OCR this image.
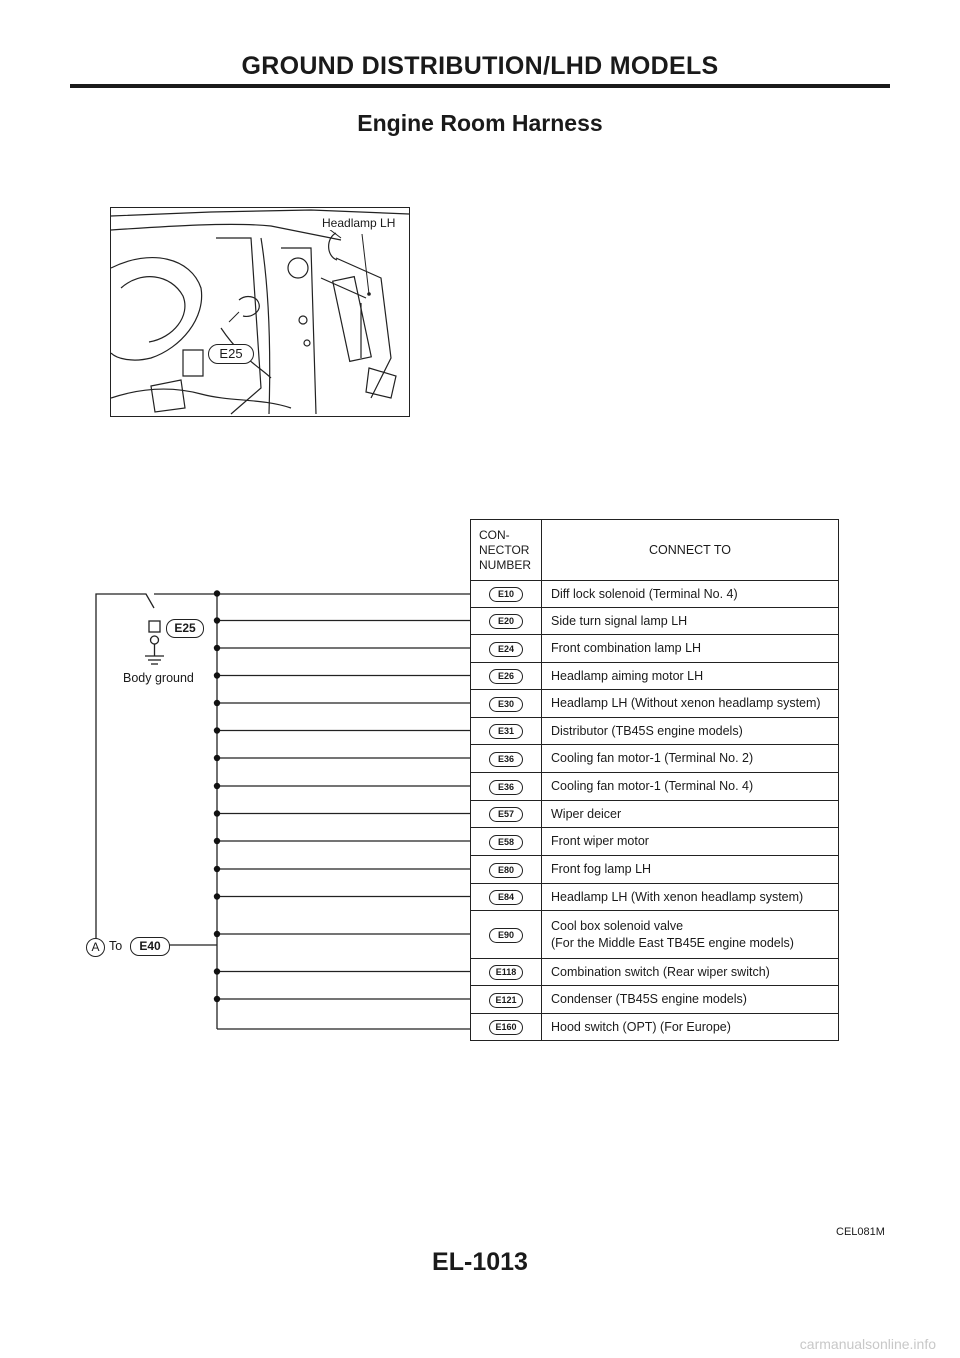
GROUND DISTRIBUTION/LHD MODELS
Engine Room Harness
Headlamp LH
E25
E25
Body ground
A To	E40
CON-
NECTOR
NUMBER	CONNECT TO
E10	Diff lock solenoid (Terminal No. 4)
E20	Side turn signal lamp LH
E24	Front combination lamp LH
E26	Headlamp aiming motor LH
E30	Headlamp LH (Without xenon headlamp system)
E31	Distributor (TB45S engine models)
E36	Cooling fan motor-1 (Terminal No. 2)
E36	Cooling fan motor-1 (Terminal No. 4)
E57	Wiper deicer
E58	Front wiper motor
E80	Front fog lamp LH
E84	Headlamp LH (With xenon headlamp system)
E90	Cool box solenoid valve
(For the Middle East TB45E engine models)
E118	Combination switch (Rear wiper switch)
E121	Condenser (TB45S engine models)
E160	Hood switch (OPT) (For Europe)
CEL081M
EL-1013
carmanualsonline.info
